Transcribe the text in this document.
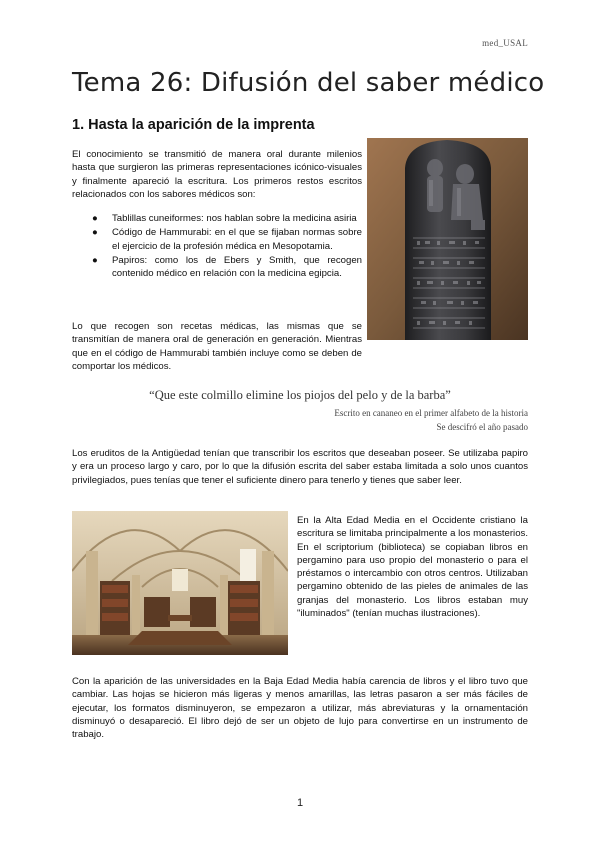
med_USAL
Tema 26: Difusión del saber médico
1. Hasta la aparición de la imprenta

El conocimiento se transmitió de manera oral durante milenios hasta que surgieron las primeras representaciones icónico-visuales y finalmente apareció la escritura. Los primeros restos escritos relacionados con los sabores médicos son:

● Tablillas cuneiformes: nos hablan sobre la medicina asiria
● Código de Hammurabi: en el que se fijaban normas sobre el ejercicio de la profesión médica en Mesopotamia.
● Papiros: como los de Ebers y Smith, que recogen contenido médico en relación con la medicina egipcia.

Lo que recogen son recetas médicas, las mismas que se transmitían de manera oral de generación en generación. Mientras que en el código de Hammurabi también incluye como se deben de comportar los médicos.

“Que este colmillo elimine los piojos del pelo y de la barba”

Escrito en cananeo en el primer alfabeto de la historia

Se descifró el año pasado

Los eruditos de la Antigüedad tenían que transcribir los escritos que deseaban poseer. Se utilizaba papiro y era un proceso largo y caro, por lo que la difusión escrita del saber estaba limitada a solo unos cuantos privilegiados, pues tenías que tener el suficiente dinero para tenerlo y tienes que saber leer.

En la Alta Edad Media en el Occidente cristiano la escritura se limitaba principalmente a los monasterios. En el scriptorium (biblioteca) se copiaban libros en pergamino para uso propio del monasterio o para el préstamos o intercambio con otros centros. Utilizaban pergamino obtenido de las pieles de animales de las granjas del monasterio. Los libros estaban muy "iluminados" (tenían muchas ilustraciones).

Con la aparición de las universidades en la Baja Edad Media había carencia de libros y el libro tuvo que cambiar. Las hojas se hicieron más ligeras y menos amarillas, las letras pasaron a ser más fáciles de ejecutar, los formatos disminuyeron, se empezaron a utilizar, más abreviaturas y la ornamentación disminuyó o desapareció. El libro dejó de ser un objeto de lujo para convertirse en un instrumento de trabajo.

1
